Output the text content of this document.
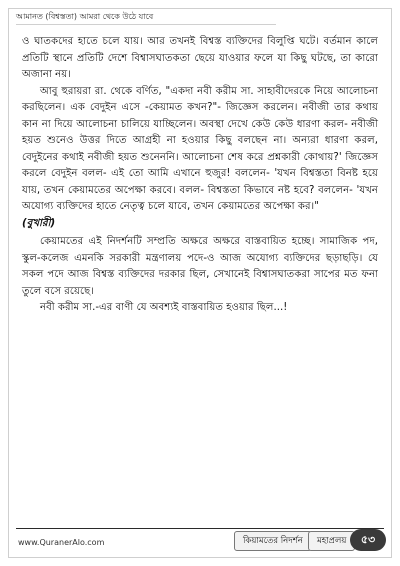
আমানত (বিশ্বস্ততা) আমরা থেকে উঠে যাবে

ও ঘাতকদের হাতে চলে যায়। আর তখনই বিশ্বস্ত ব্যক্তিদের বিলুপ্তি ঘটে। বর্তমান কালে প্রতিটি স্থানে প্রতিটি দেশে বিশ্বাসঘাতকতা ছেয়ে যাওয়ার ফলে যা কিছু ঘটছে, তা কারো অজানা নয়।

আবু হুরায়রা রা. থেকে বর্ণিত, "একদা নবী করীম সা. সাহাবীদেরকে নিয়ে আলোচনা করছিলেন। এক বেদুইন এসে -কেয়ামত কখন?"- জিজ্ঞেস করলেন। নবীজী তার কথায় কান না দিয়ে আলোচনা চালিয়ে যাচ্ছিলেন। অবস্থা দেখে কেউ কেউ ধারণা করল- নবীজী হয়ত শুনেও উত্তর দিতে আগ্রহী না হওয়ার কিছু বলছেন না। অন্যরা ধারণা করল, বেদুইনের কথাই নবীজী হয়ত শুনেননি। আলোচনা শেষ করে প্রশ্নকারী কোথায়?' জিজ্ঞেস করলে বেদুইন বলল- এই তো আমি এখানে হুজুর! বললেন- 'যখন বিশ্বস্ততা বিনষ্ট হয়ে যায়, তখন কেয়ামতের অপেক্ষা করবে। বলল- বিশ্বস্ততা কিভাবে নষ্ট হবে? বললেন- 'যখন অযোগ্য ব্যক্তিদের হাতে নেতৃত্ব চলে যাবে, তখন কেয়ামতের অপেক্ষা কর।"

(বুখারী)

কেয়ামতের এই নিদর্শনটি সম্প্রতি অক্ষরে অক্ষরে বাস্তবায়িত হচ্ছে। সামাজিক পদ, স্কুল-কলেজ এমনকি সরকারী মন্ত্রণালয় পদে-ও আজ অযোগ্য ব্যক্তিদের ছড়াছড়ি। যে সকল পদে আজ বিশ্বস্ত ব্যক্তিদের দরকার ছিল, সেখানেই বিশ্বাসঘাতকরা সাপের মত ফনা তুলে বসে রয়েছে।

নবী করীম সা.-এর বাণী যে অবশ্যই বাস্তবায়িত হওয়ার ছিল...!

www.QuranerAlo.com	কিয়ামতের নিদর্শন	মহাপ্রলয়	৫৩
